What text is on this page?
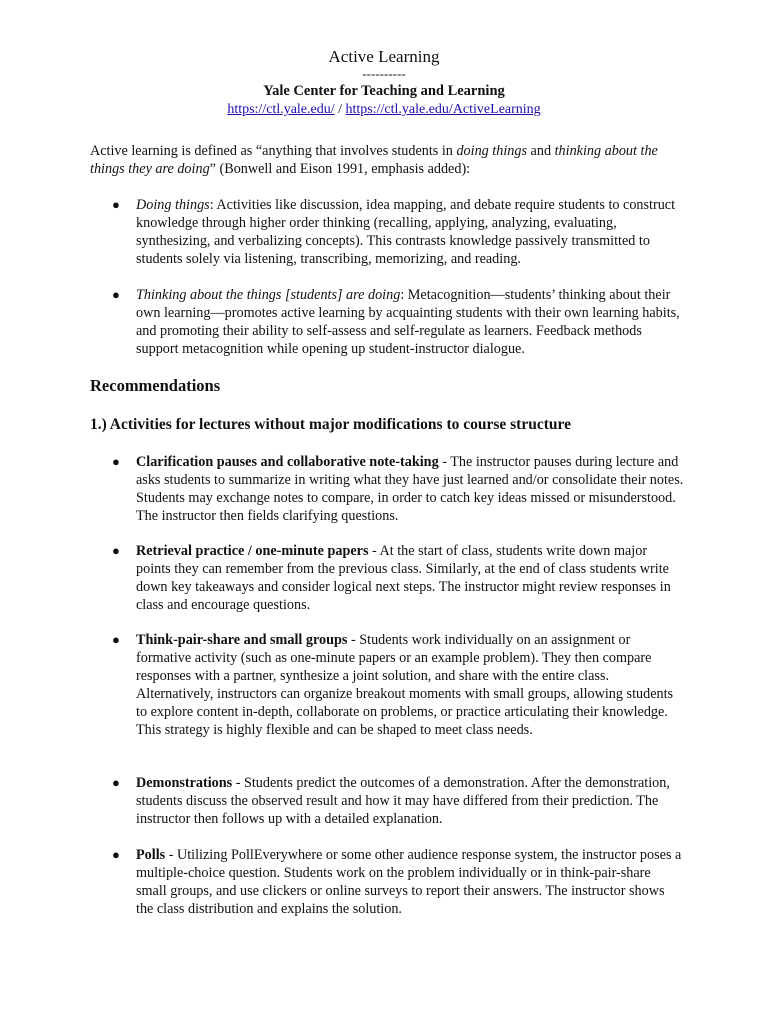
Active Learning

----------

Yale Center for Teaching and Learning

https://ctl.yale.edu/ / https://ctl.yale.edu/ActiveLearning

Active learning is defined as “anything that involves students in doing things and thinking about the things they are doing” (Bonwell and Eison 1991, emphasis added):

● Doing things: Activities like discussion, idea mapping, and debate require students to construct knowledge through higher order thinking (recalling, applying, analyzing, evaluating, synthesizing, and verbalizing concepts). This contrasts knowledge passively transmitted to students solely via listening, transcribing, memorizing, and reading.

● Thinking about the things [students] are doing: Metacognition—students’ thinking about their own learning—promotes active learning by acquainting students with their own learning habits, and promoting their ability to self-assess and self-regulate as learners. Feedback methods support metacognition while opening up student-instructor dialogue.

Recommendations
1.) Activities for lectures without major modifications to course structure
● Clarification pauses and collaborative note-taking - The instructor pauses during lecture and asks students to summarize in writing what they have just learned and/or consolidate their notes. Students may exchange notes to compare, in order to catch key ideas missed or misunderstood. The instructor then fields clarifying questions.

● Retrieval practice / one-minute papers - At the start of class, students write down major points they can remember from the previous class. Similarly, at the end of class students write down key takeaways and consider logical next steps. The instructor might review responses in class and encourage questions.

● Think-pair-share and small groups - Students work individually on an assignment or formative activity (such as one-minute papers or an example problem). They then compare responses with a partner, synthesize a joint solution, and share with the entire class. Alternatively, instructors can organize breakout moments with small groups, allowing students to explore content in-depth, collaborate on problems, or practice articulating their knowledge. This strategy is highly flexible and can be shaped to meet class needs.

● Demonstrations - Students predict the outcomes of a demonstration. After the demonstration, students discuss the observed result and how it may have differed from their prediction. The instructor then follows up with a detailed explanation.

● Polls - Utilizing PollEverywhere or some other audience response system, the instructor poses a multiple-choice question. Students work on the problem individually or in think-pair-share small groups, and use clickers or online surveys to report their answers. The instructor shows the class distribution and explains the solution.
